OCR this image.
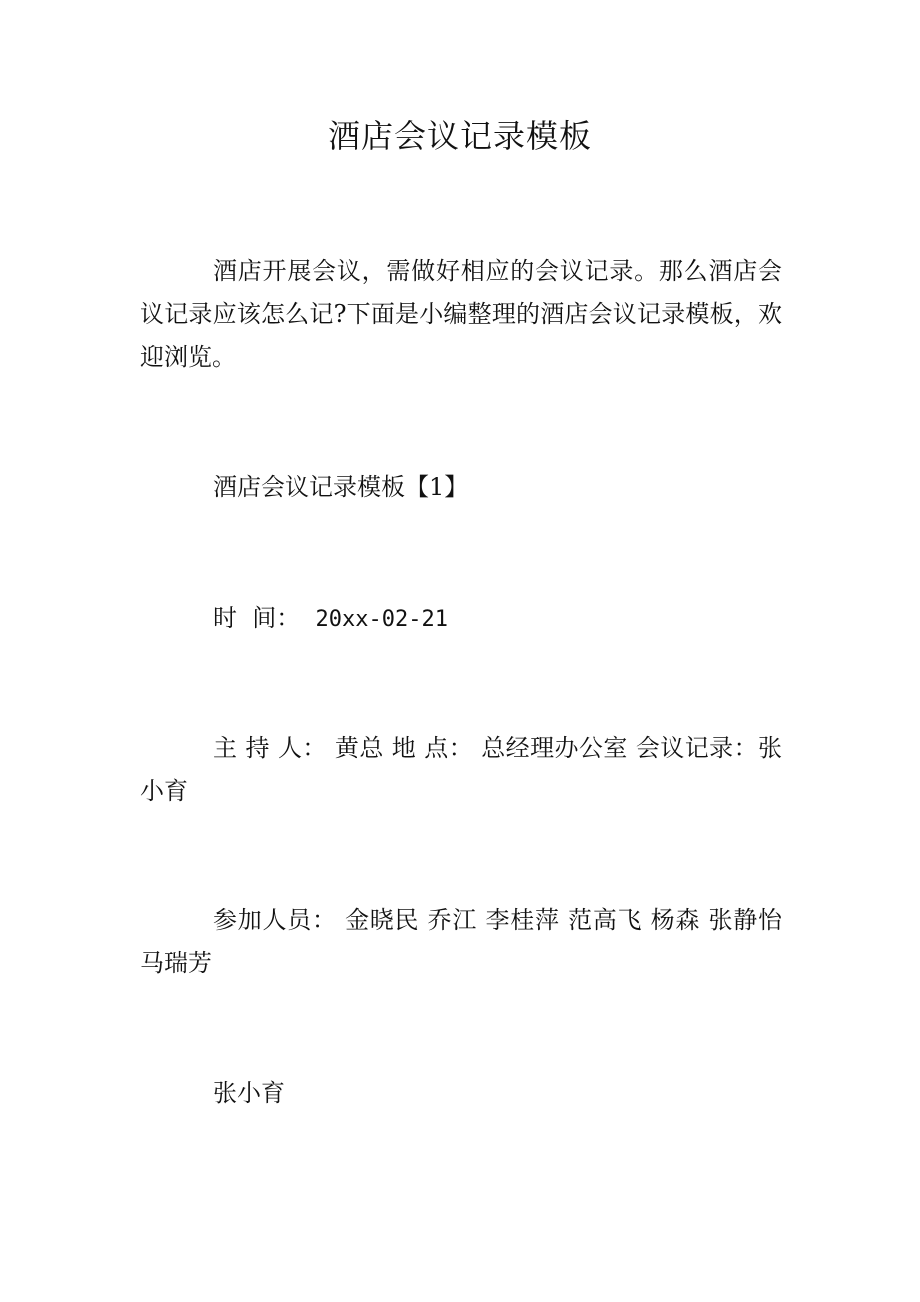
酒店会议记录模板
酒店开展会议，需做好相应的会议记录。那么酒店会议记录应该怎么记?下面是小编整理的酒店会议记录模板，欢迎浏览。
酒店会议记录模板【1】
时  间：  20xx-02-21
主 持 人： 黄总 地 点： 总经理办公室 会议记录：张小育
参加人员： 金晓民 乔江 李桂萍 范高飞 杨森 张静怡 马瑞芳
张小育
